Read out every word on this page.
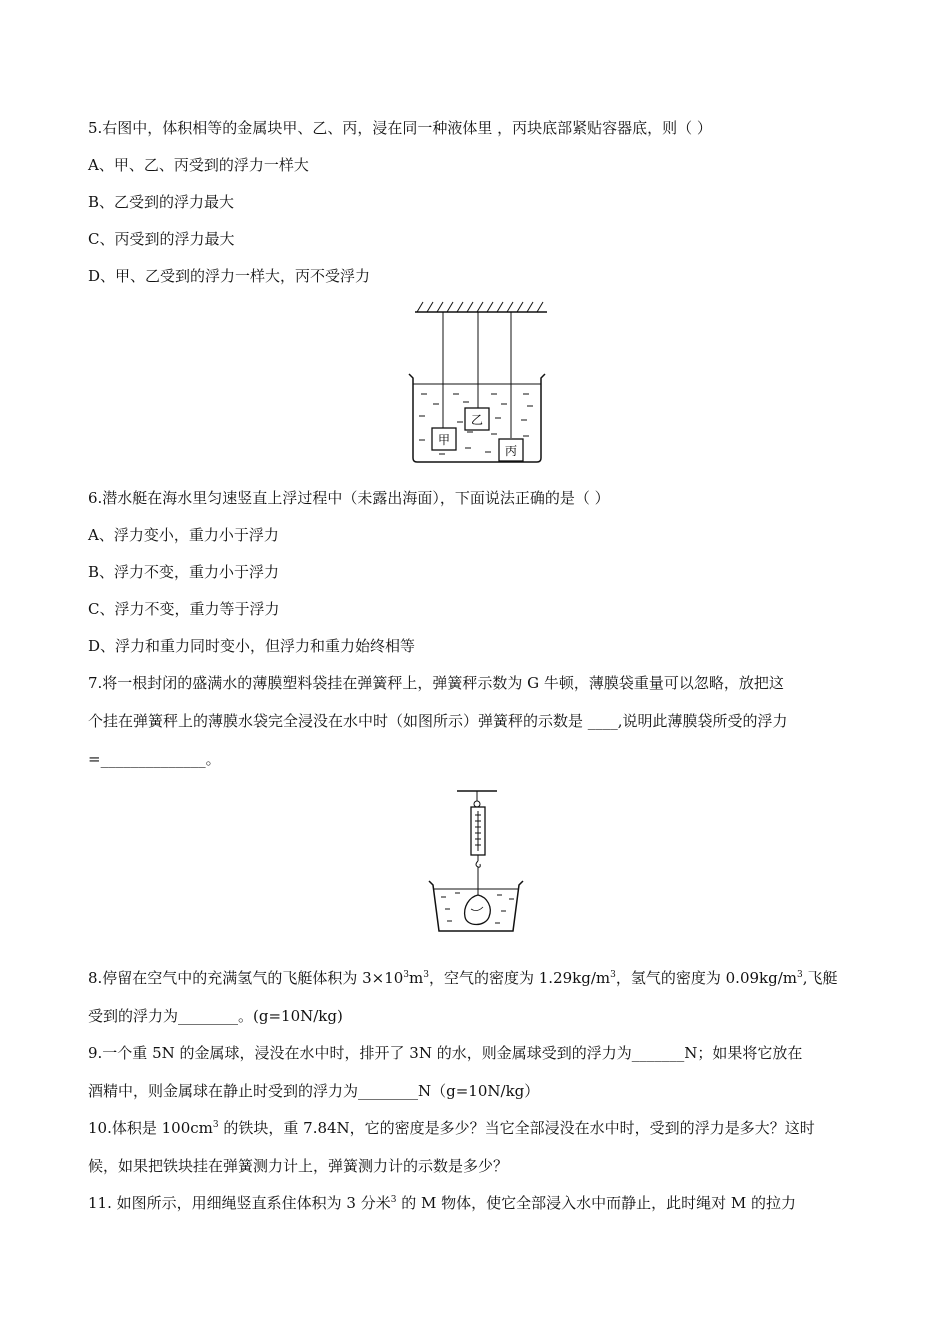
5.右图中，体积相等的金属块甲、乙、丙，浸在同一种液体里 ，丙块底部紧贴容器底，则（ ）

A、甲、乙、丙受到的浮力一样大

B、乙受到的浮力最大

C、丙受到的浮力最大

D、甲、乙受到的浮力一样大，丙不受浮力

甲
乙
丙

6.潜水艇在海水里匀速竖直上浮过程中（未露出海面），下面说法正确的是（ ）

A、浮力变小，重力小于浮力

B、浮力不变，重力小于浮力

C、浮力不变，重力等于浮力

D、浮力和重力同时变小，但浮力和重力始终相等

7.将一根封闭的盛满水的薄膜塑料袋挂在弹簧秤上，弹簧秤示数为 G 牛顿，薄膜袋重量可以忽略，放把这

个挂在弹簧秤上的薄膜水袋完全浸没在水中时（如图所示）弹簧秤的示数是 ____,说明此薄膜袋所受的浮力

=______________。

8.停留在空气中的充满氢气的飞艇体积为 $3\times 10^3m^3$，空气的密度为 $1.29kg/m^3$，氢气的密度为 $0.09kg/m^3$,飞艇

受到的浮力为________。(g=10N/kg)

9.一个重 5N 的金属球，浸没在水中时，排开了 3N 的水，则金属球受到的浮力为_______N；如果将它放在

酒精中，则金属球在静止时受到的浮力为________N（g=10N/kg）

10.体积是 $100cm^3$ 的铁块，重 7.84N，它的密度是多少？当它全部浸没在水中时，受到的浮力是多大？这时

候，如果把铁块挂在弹簧测力计上，弹簧测力计的示数是多少？

11. 如图所示，用细绳竖直系住体积为 3 分米$^3$ 的 M 物体，使它全部浸入水中而静止，此时绳对 M 的拉力
